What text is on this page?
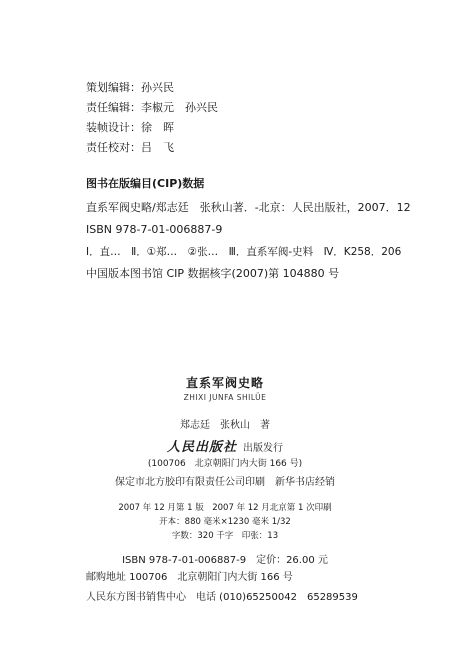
策划编辑：孙兴民
责任编辑：李椒元　孙兴民
装帧设计：徐　晖
责任校对：吕　飞
图书在版编目(CIP)数据
直系军阀史略/郑志廷　张秋山著．-北京：人民出版社，2007．12
ISBN 978-7-01-006887-9
Ⅰ．直…　Ⅱ．①郑…　②张…　Ⅲ．直系军阀-史料　Ⅳ．K258．206
中国版本图书馆 CIP 数据核字(2007)第 104880 号
直系军阀史略
ZHIXI JUNFA SHILÜE
郑志廷　张秋山　著
人民出版社 出版发行
(100706　北京朝阳门内大街 166 号)
保定市北方胶印有限责任公司印刷　新华书店经销
2007 年 12 月第 1 版　2007 年 12 月北京第 1 次印刷
开本：880 毫米×1230 毫米 1/32
字数：320 千字　印张：13
ISBN 978-7-01-006887-9　定价：26.00 元
邮购地址 100706　北京朝阳门内大街 166 号
人民东方图书销售中心　电话 (010)65250042　65289539
